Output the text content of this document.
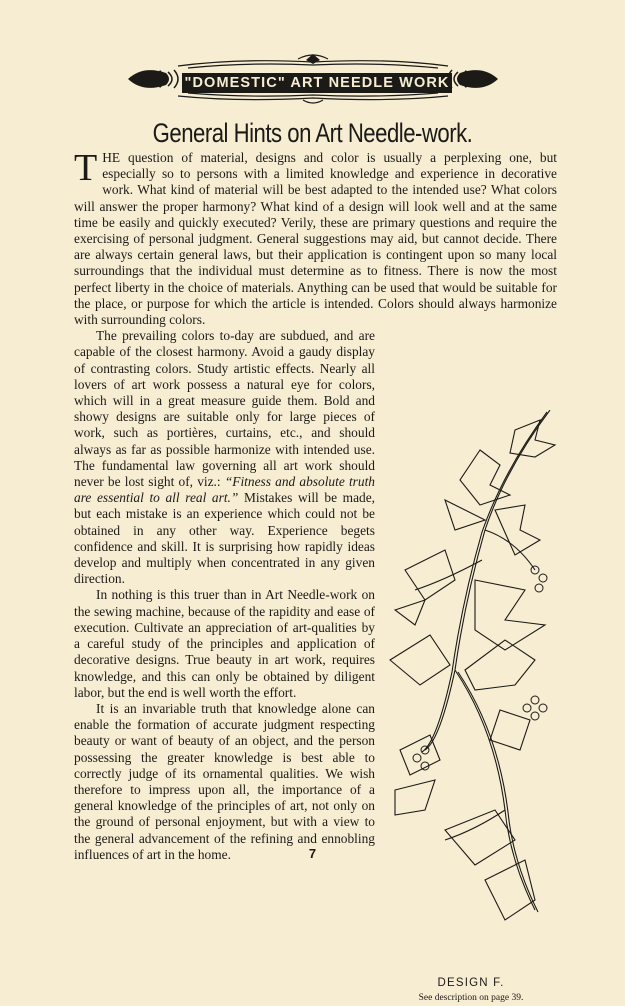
"DOMESTIC" ART NEEDLE WORK
General Hints on Art Needle-work.

THE question of material, designs and color is usually a perplexing one, but especially so to persons with a limited knowledge and experience in decorative work. What kind of material will be best adapted to the intended use? What colors will answer the proper harmony? What kind of a design will look well and at the same time be easily and quickly executed? Verily, these are primary questions and require the exercising of personal judgment. General suggestions may aid, but cannot decide. There are always certain general laws, but their application is contingent upon so many local surroundings that the individual must determine as to fitness. There is now the most perfect liberty in the choice of materials. Anything can be used that would be suitable for the place, or purpose for which the article is intended. Colors should always harmonize with surrounding colors.

DESIGN F.
See description on page 39.

The prevailing colors to-day are subdued, and are capable of the closest harmony. Avoid a gaudy display of contrasting colors. Study artistic effects. Nearly all lovers of art work possess a natural eye for colors, which will in a great measure guide them. Bold and showy designs are suitable only for large pieces of work, such as portières, curtains, etc., and should always as far as possible harmonize with intended use. The fundamental law governing all art work should never be lost sight of, viz.: “Fitness and absolute truth are essential to all real art.” Mistakes will be made, but each mistake is an experience which could not be obtained in any other way. Experience begets confidence and skill. It is surprising how rapidly ideas develop and multiply when concentrated in any given direction.

In nothing is this truer than in Art Needle-work on the sewing machine, because of the rapidity and ease of execution. Cultivate an appreciation of art-qualities by a careful study of the principles and application of decorative designs. True beauty in art work, requires knowledge, and this can only be obtained by diligent labor, but the end is well worth the effort.

It is an invariable truth that knowledge alone can enable the formation of accurate judgment respecting beauty or want of beauty of an object, and the person possessing the greater knowledge is best able to correctly judge of its ornamental qualities. We wish therefore to impress upon all, the importance of a general knowledge of the principles of art, not only on the ground of personal enjoyment, but with a view to the general advancement of the refining and ennobling influences of art in the home.	7
